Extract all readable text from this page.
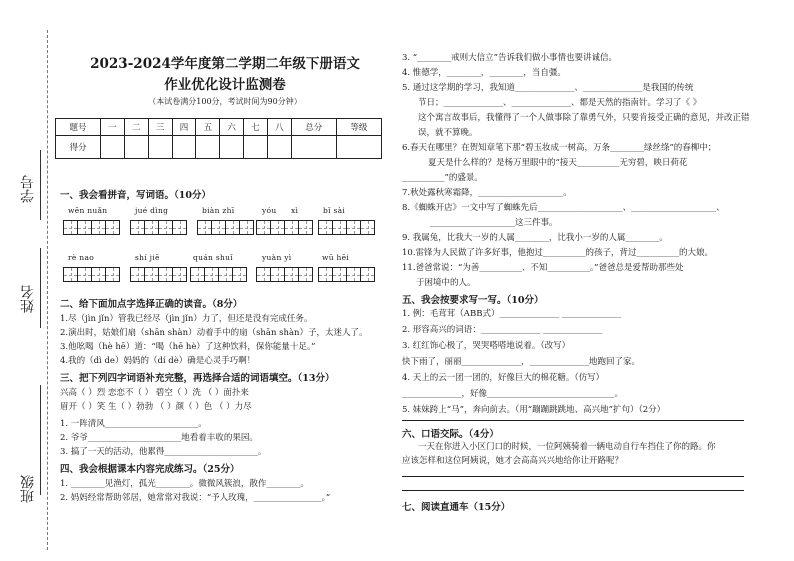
学号
姓名
班级
2023-2024学年度第二学期二年级下册语文
作业优化设计监测卷
（本试卷满分100分，考试时间为90分钟）
题号	一	二	三	四	五	六	七	八	总分	等级
得分										
一、我会看拼音，写词语。（10分）
wēn nuǎn	jué dìng	biàn zhī	yóu xì	bǐ sài
rè nao	shí jiē	quán shuǐ	yuàn yì	wū hēi
二、给下面加点字选择正确的读音。（8分）
1.尽（jìn jǐn）管我已经尽（jìn jǐn）力了，但还是没有完成任务。
2.演出时，姑娘们扇（shān shàn）动着手中的扇（shān shàn）子，太迷人了。
3.他吆喝（hè hē）道：“喝（hē hè）了这种饮料，保你能量十足。”
4.我的（dì de）妈妈的（dí dè）确是心灵手巧啊！
三、把下列四字词语补充完整，再选择合适的词语填空。（13分）
兴高（ ）烈 恋恋不（ ） 碧空（ ）洗 （ ）面扑来
眉开（ ）笑 生（ ）勃勃 （ ）颜（ ）色 （ ）力尽
1. 一阵清风______________________。
2. 爷爷______________________地看着丰收的果园。
3. 搞了一天的活动，他累得______________________。
四、我会根据课本内容完成练习。（25分）
1. ________见渔灯，孤光________。微微风簇浪，散作________。
2. 妈妈经常帮助邻居，她常常对我说：“予人玫瑰，________________。”
3. “________戒则大信立”告诉我们做小事情也要讲诚信。
4. 惟德学，________，________，当自彊。
5. 通过这学期的学习，我知道______________、______________是我国的传统
节日；______________、______________、都是天然的指南针。学习了《 》
这个寓言故事后，我懂得了一个人做事除了靠勇气外，只要肯接受正确的意见，并改正错
误，就不算晚。
6.春天在哪里？在贺知章笔下那“碧玉妆成一树高，万条________绿丝绦”的春柳中；
夏天是什么样的？是杨万里眼中的“接天__________无穷碧，映日荷花
__________”的盛景。
7.秋处露秋寒霜降，____________________。
8.《蜘蛛开店》一文中写了蜘蛛先后____________________、____________________、
____________________这三件事。
9. 我属兔，比我大一岁的人属________，比我小一岁的人属________。
10.雷锋为人民做了许多好事，他抱过__________的孩子，背过__________的大娘。
11.爸爸常说：“为善__________、不知__________。”爸爸总是爱帮助那些处
于困境中的人。
五、我会按要求写一写。（10分）
1. 例：毛茸茸（ABB式）______________ ______________
2. 形容高兴的词语：______________ ______________
3. 红红饰心极了，哭哭嗒嗒地说着。（改写）
快下雨了，丽丽______________，______________地跑回了家。
4. 天上的云一团一团的，好像巨大的棉花糖。（仿写）
______________，好像______________________________。
5. 妹妹跨上“马”，奔向前去。（用“蹦蹦跳跳地、高兴地”扩句）（2分）
六、口语交际。（4分）
一天在你进入小区门口的时候，一位阿姨骑着一辆电动自行车挡住了你的路。你
应该怎样和这位阿姨说，她才会高高兴兴地给你让开路呢？
七、阅读直通车（15分）
